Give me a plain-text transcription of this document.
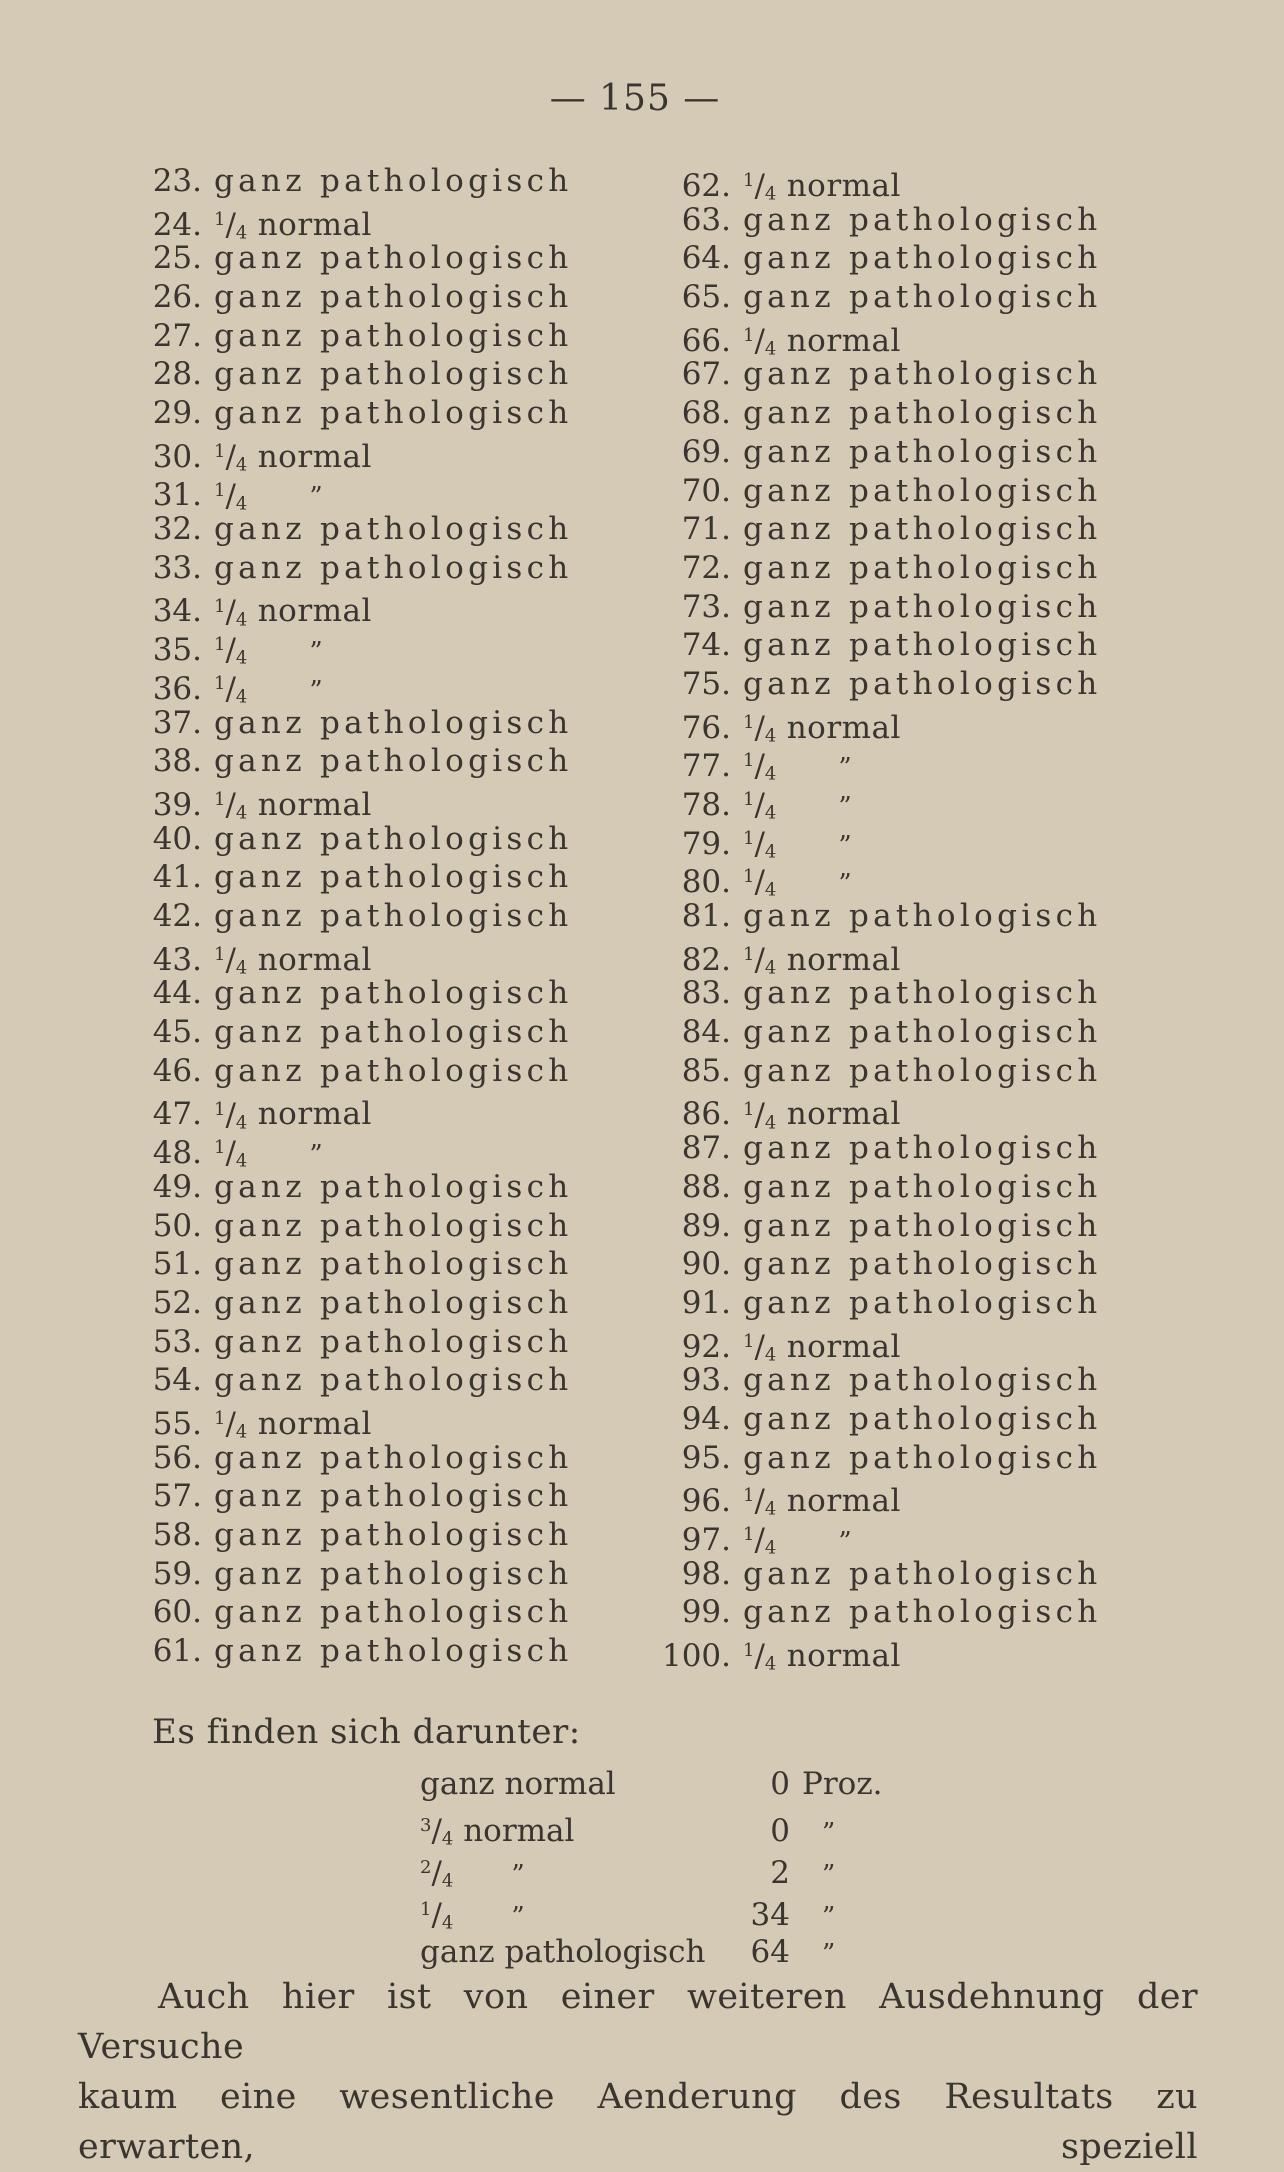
— 155 —
23. ganz pathologisch
24. $^1/_4$ normal
25. ganz pathologisch
26. ganz pathologisch
27. ganz pathologisch
28. ganz pathologisch
29. ganz pathologisch
30. $^1/_4$ normal
31. $^1/_4$ ”
32. ganz pathologisch
33. ganz pathologisch
34. $^1/_4$ normal
35. $^1/_4$ ”
36. $^1/_4$ ”
37. ganz pathologisch
38. ganz pathologisch
39. $^1/_4$ normal
40. ganz pathologisch
41. ganz pathologisch
42. ganz pathologisch
43. $^1/_4$ normal
44. ganz pathologisch
45. ganz pathologisch
46. ganz pathologisch
47. $^1/_4$ normal
48. $^1/_4$ ”
49. ganz pathologisch
50. ganz pathologisch
51. ganz pathologisch
52. ganz pathologisch
53. ganz pathologisch
54. ganz pathologisch
55. $^1/_4$ normal
56. ganz pathologisch
57. ganz pathologisch
58. ganz pathologisch
59. ganz pathologisch
60. ganz pathologisch
61. ganz pathologisch
62. $^1/_4$ normal
63. ganz pathologisch
64. ganz pathologisch
65. ganz pathologisch
66. $^1/_4$ normal
67. ganz pathologisch
68. ganz pathologisch
69. ganz pathologisch
70. ganz pathologisch
71. ganz pathologisch
72. ganz pathologisch
73. ganz pathologisch
74. ganz pathologisch
75. ganz pathologisch
76. $^1/_4$ normal
77. $^1/_4$ ”
78. $^1/_4$ ”
79. $^1/_4$ ”
80. $^1/_4$ ”
81. ganz pathologisch
82. $^1/_4$ normal
83. ganz pathologisch
84. ganz pathologisch
85. ganz pathologisch
86. $^1/_4$ normal
87. ganz pathologisch
88. ganz pathologisch
89. ganz pathologisch
90. ganz pathologisch
91. ganz pathologisch
92. $^1/_4$ normal
93. ganz pathologisch
94. ganz pathologisch
95. ganz pathologisch
96. $^1/_4$ normal
97. $^1/_4$ ”
98. ganz pathologisch
99. ganz pathologisch
100. $^1/_4$ normal
Es finden sich darunter:
ganz normal	0 Proz.
$^3/_4$ normal	0 ”
$^2/_4$ ”	2 ”
$^1/_4$ ”	34 ”
ganz pathologisch	64 ”
Auch hier ist von einer weiteren Ausdehnung der Versuche
kaum eine wesentliche Aenderung des Resultats zu erwarten, speziell
